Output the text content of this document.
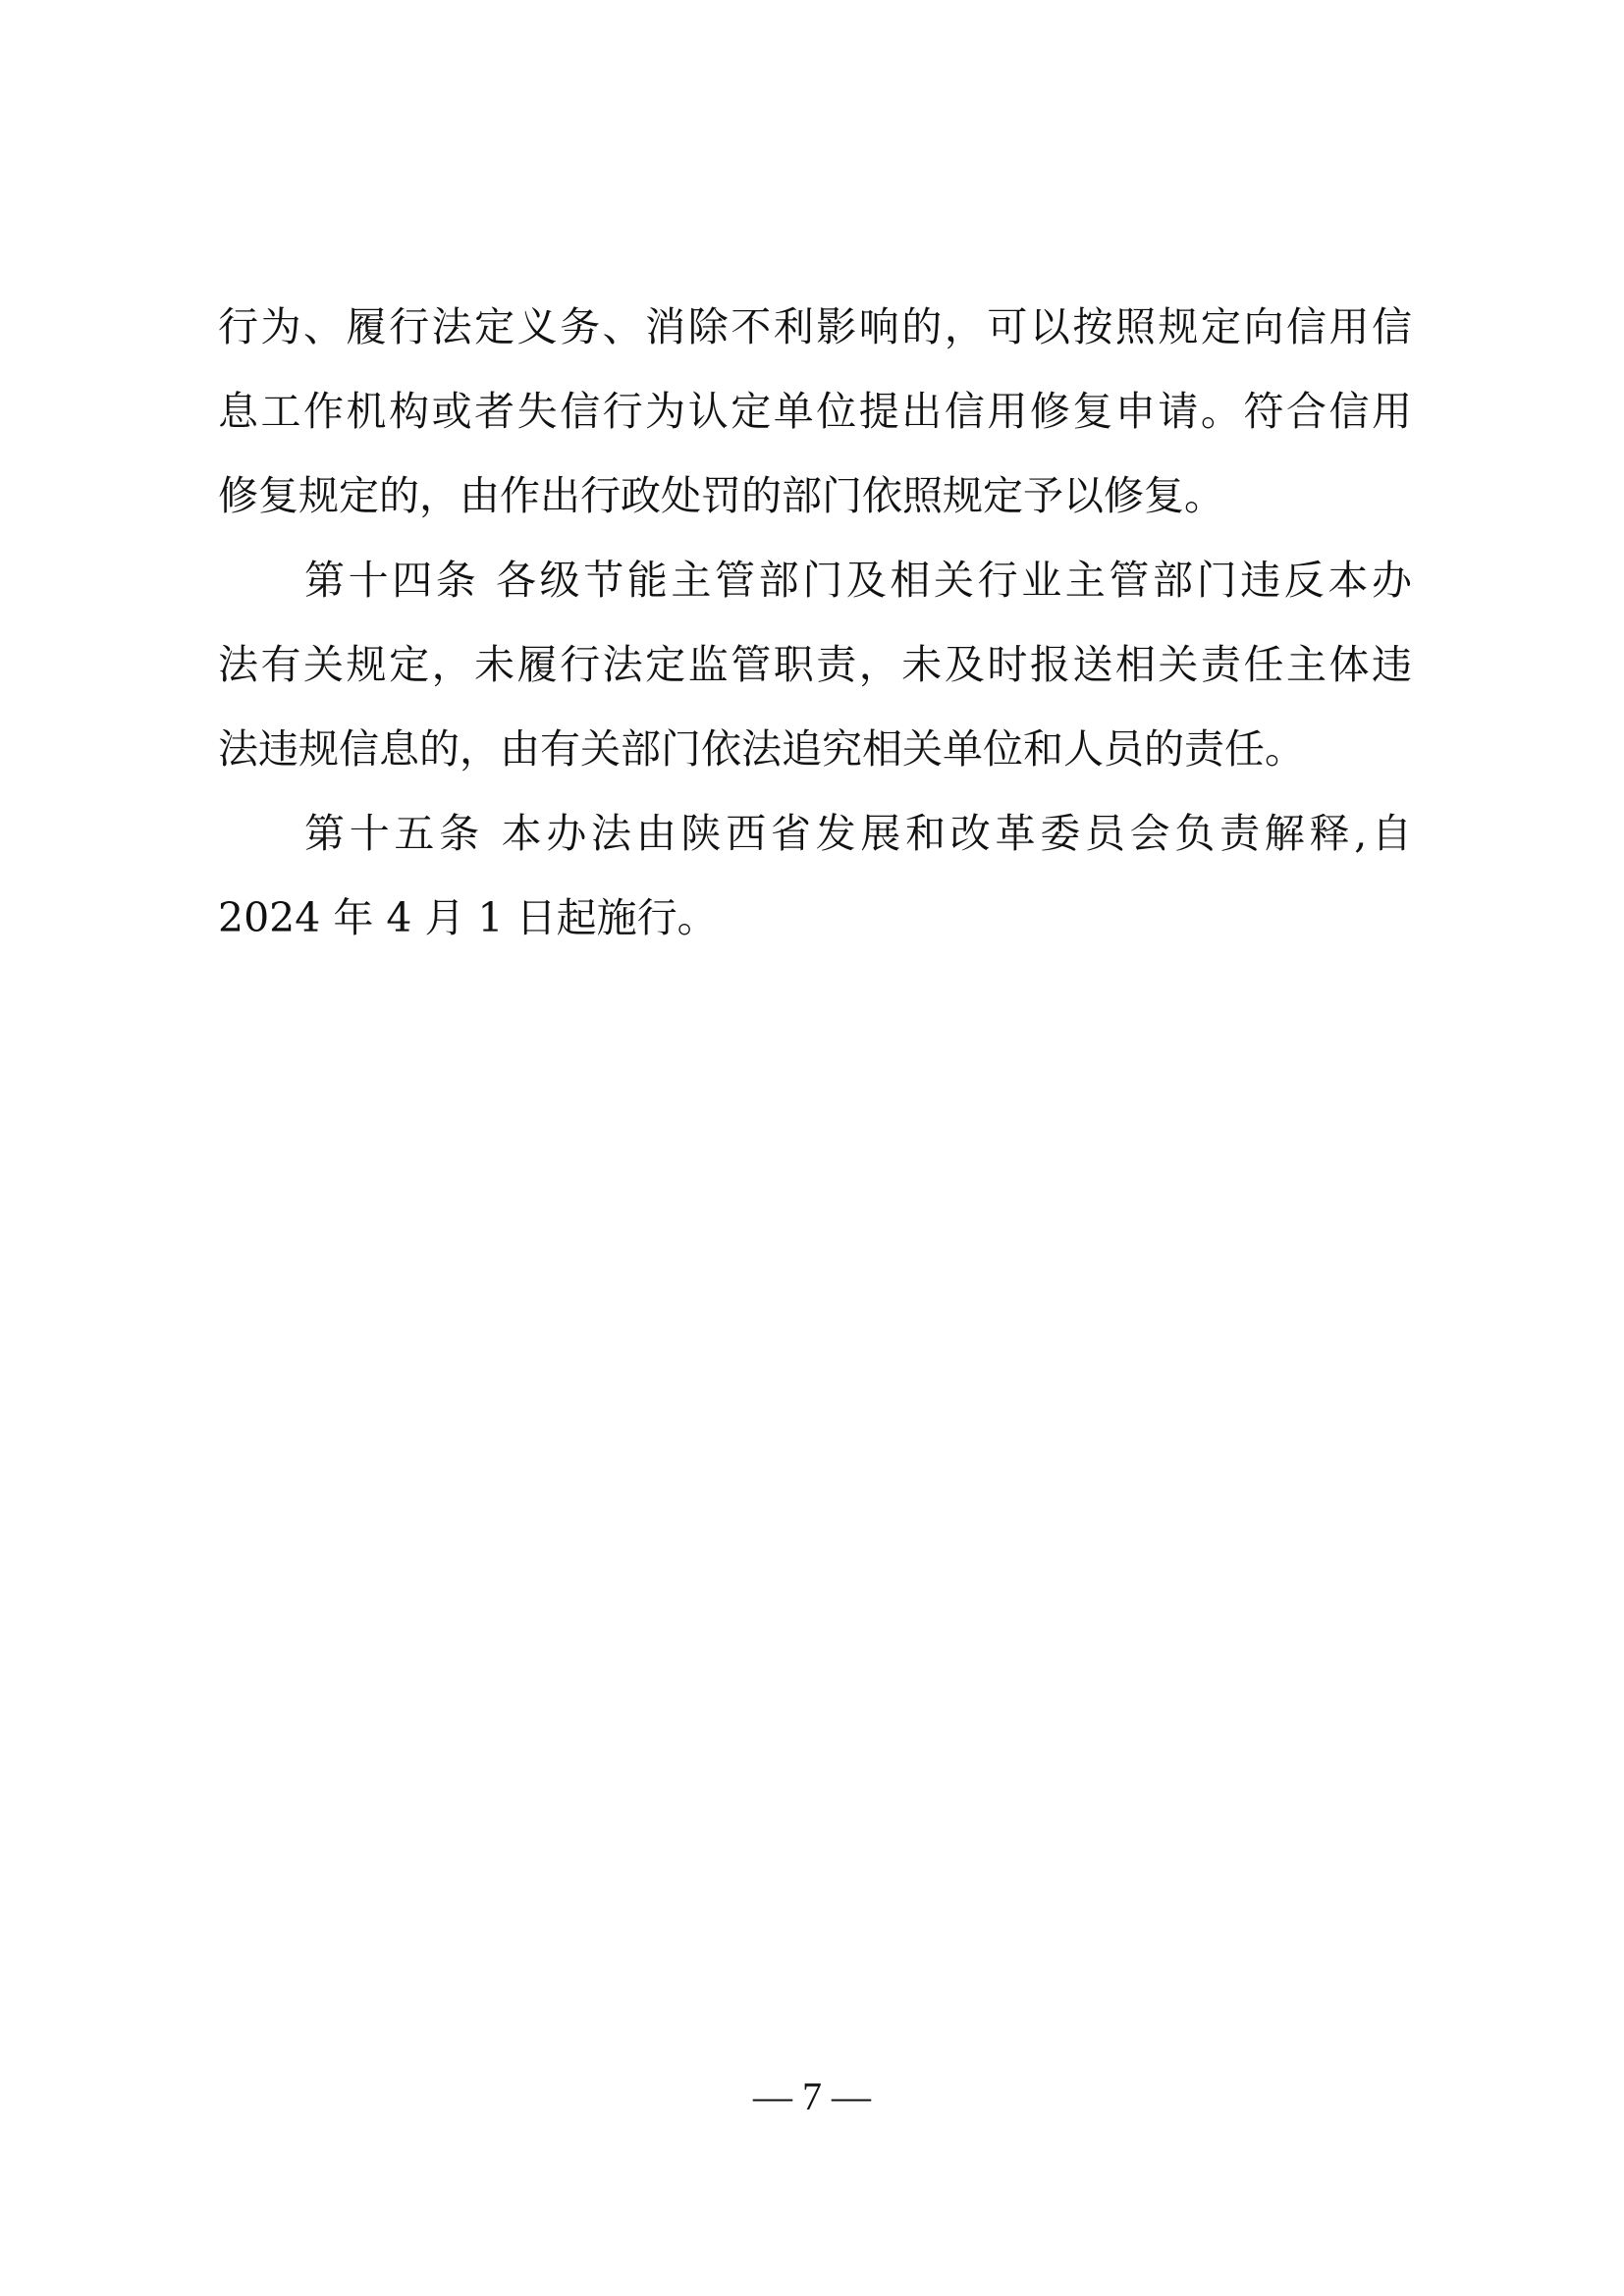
行为、履行法定义务、消除不利影响的，可以按照规定向信用信
息工作机构或者失信行为认定单位提出信用修复申请。符合信用
修复规定的，由作出行政处罚的部门依照规定予以修复。
第十四条 各级节能主管部门及相关行业主管部门违反本办
法有关规定，未履行法定监管职责，未及时报送相关责任主体违
法违规信息的，由有关部门依法追究相关单位和人员的责任。
第十五条 本办法由陕西省发展和改革委员会负责解释,自
2024 年 4 月 1 日起施行。
— 7 —
